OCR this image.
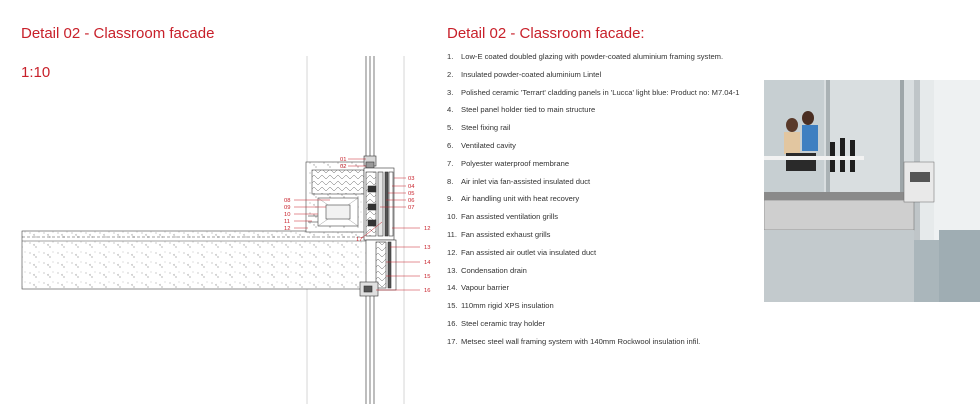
Detail 02 - Classroom facade
1:10
Detail 02 - Classroom facade:
1.	Low-E coated doubled glazing with powder-coated aluminium framing system.
2.	Insulated powder-coated aluminium Lintel
3.	Polished ceramic 'Terrart' cladding panels in 'Lucca' light blue: Product no: M7.04-1
4.	Steel panel holder tied to main structure
5.	Steel fixing rail
6.	Ventilated cavity
7.	Polyester waterproof membrane
8.	Air inlet via fan-assisted insulated duct
9.	Air handling unit with heat recovery
10. Fan assisted ventilation grills
11. Fan assisted exhaust grills
12. Fan assisted air outlet via insulated duct
13. Condensation drain
14. Vapour barrier
15. 110mm rigid XPS insulation
16. Steel ceramic tray holder
17. Metsec steel wall framing system with 140mm Rockwool insulation infil.
01
02
03
04
05
06
07
08
09
10
11
12	12
13
14
15
16
17
